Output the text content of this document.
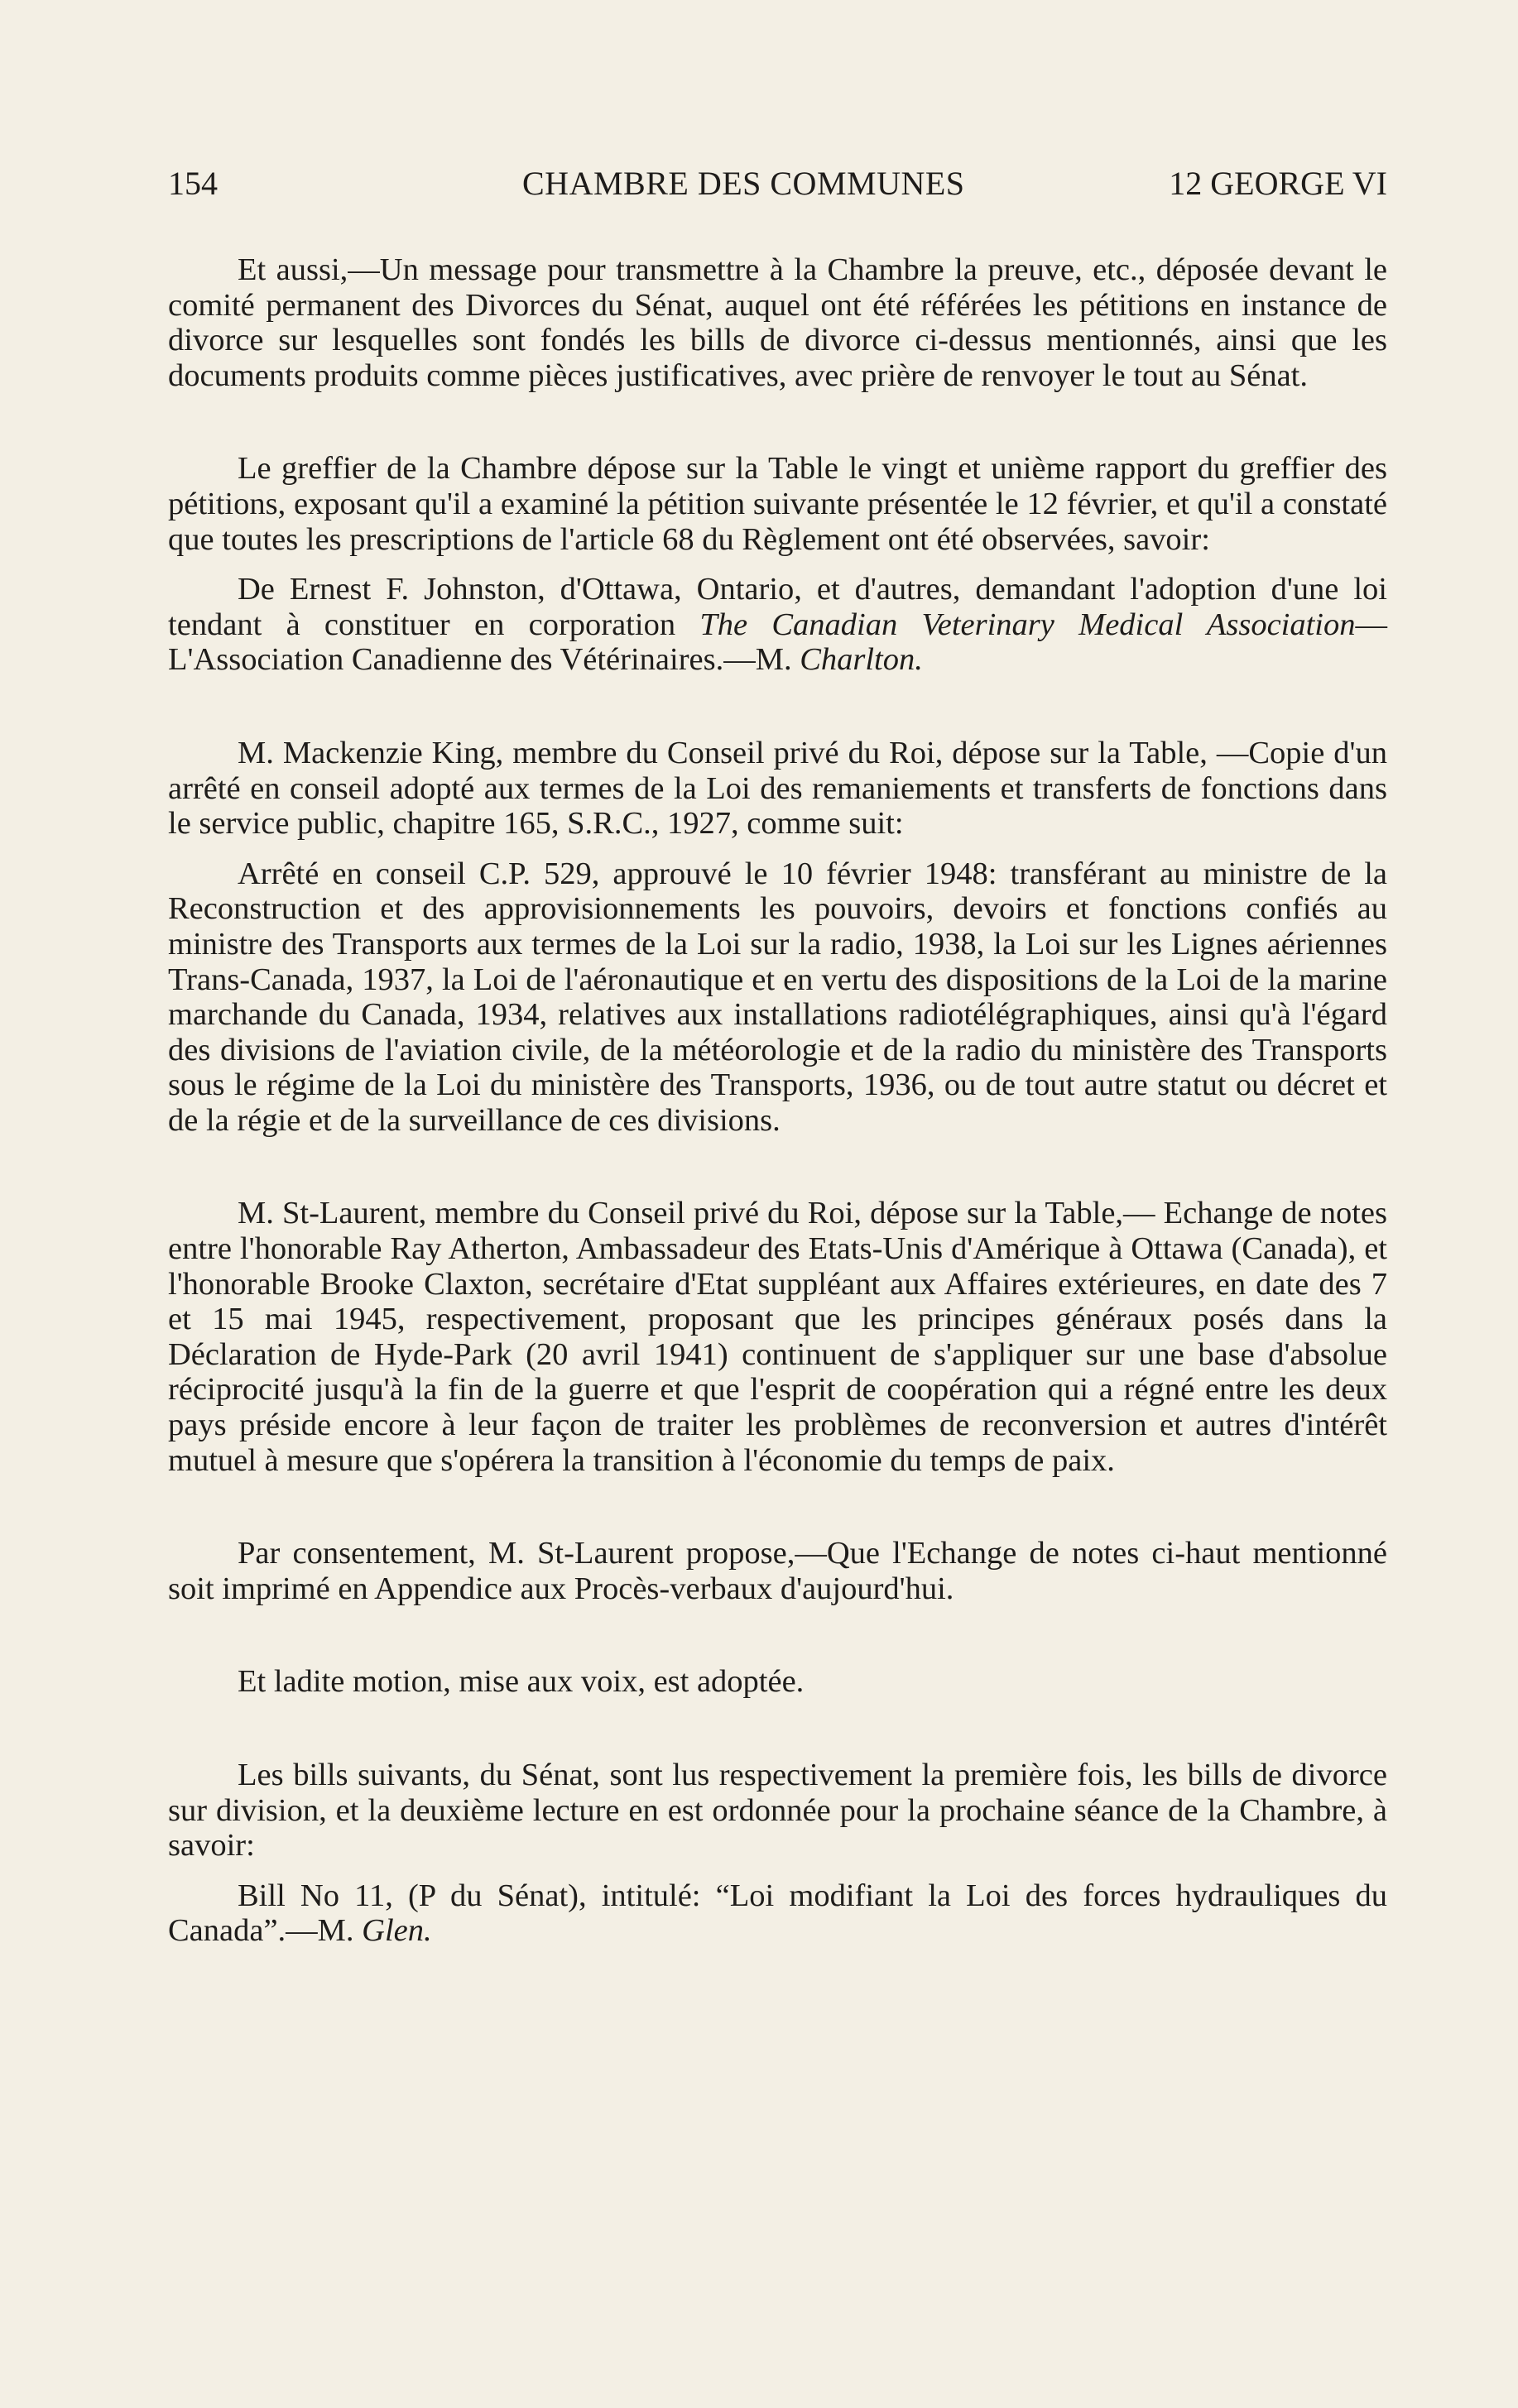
154	CHAMBRE DES COMMUNES	12 GEORGE VI

Et aussi,—Un message pour transmettre à la Chambre la preuve, etc., déposée devant le comité permanent des Divorces du Sénat, auquel ont été référées les pétitions en instance de divorce sur lesquelles sont fondés les bills de divorce ci-dessus mentionnés, ainsi que les documents produits comme pièces justificatives, avec prière de renvoyer le tout au Sénat.

Le greffier de la Chambre dépose sur la Table le vingt et unième rapport du greffier des pétitions, exposant qu'il a examiné la pétition suivante présentée le 12 février, et qu'il a constaté que toutes les prescriptions de l'article 68 du Règlement ont été observées, savoir:

De Ernest F. Johnston, d'Ottawa, Ontario, et d'autres, demandant l'adoption d'une loi tendant à constituer en corporation The Canadian Veterinary Medical Association—L'Association Canadienne des Vétérinaires.—M. Charlton.

M. Mackenzie King, membre du Conseil privé du Roi, dépose sur la Table, —Copie d'un arrêté en conseil adopté aux termes de la Loi des remaniements et transferts de fonctions dans le service public, chapitre 165, S.R.C., 1927, comme suit:

Arrêté en conseil C.P. 529, approuvé le 10 février 1948: transférant au ministre de la Reconstruction et des approvisionnements les pouvoirs, devoirs et fonctions confiés au ministre des Transports aux termes de la Loi sur la radio, 1938, la Loi sur les Lignes aériennes Trans-Canada, 1937, la Loi de l'aéronautique et en vertu des dispositions de la Loi de la marine marchande du Canada, 1934, relatives aux installations radiotélégraphiques, ainsi qu'à l'égard des divisions de l'aviation civile, de la météorologie et de la radio du ministère des Transports sous le régime de la Loi du ministère des Transports, 1936, ou de tout autre statut ou décret et de la régie et de la surveillance de ces divisions.

M. St-Laurent, membre du Conseil privé du Roi, dépose sur la Table,— Echange de notes entre l'honorable Ray Atherton, Ambassadeur des Etats-Unis d'Amérique à Ottawa (Canada), et l'honorable Brooke Claxton, secrétaire d'Etat suppléant aux Affaires extérieures, en date des 7 et 15 mai 1945, respectivement, proposant que les principes généraux posés dans la Déclaration de Hyde-Park (20 avril 1941) continuent de s'appliquer sur une base d'absolue réciprocité jusqu'à la fin de la guerre et que l'esprit de coopération qui a régné entre les deux pays préside encore à leur façon de traiter les problèmes de reconversion et autres d'intérêt mutuel à mesure que s'opérera la transition à l'économie du temps de paix.

Par consentement, M. St-Laurent propose,—Que l'Echange de notes ci-haut mentionné soit imprimé en Appendice aux Procès-verbaux d'aujourd'hui.

Et ladite motion, mise aux voix, est adoptée.

Les bills suivants, du Sénat, sont lus respectivement la première fois, les bills de divorce sur division, et la deuxième lecture en est ordonnée pour la prochaine séance de la Chambre, à savoir:

Bill No 11, (P du Sénat), intitulé: “Loi modifiant la Loi des forces hydrauliques du Canada”.—M. Glen.
